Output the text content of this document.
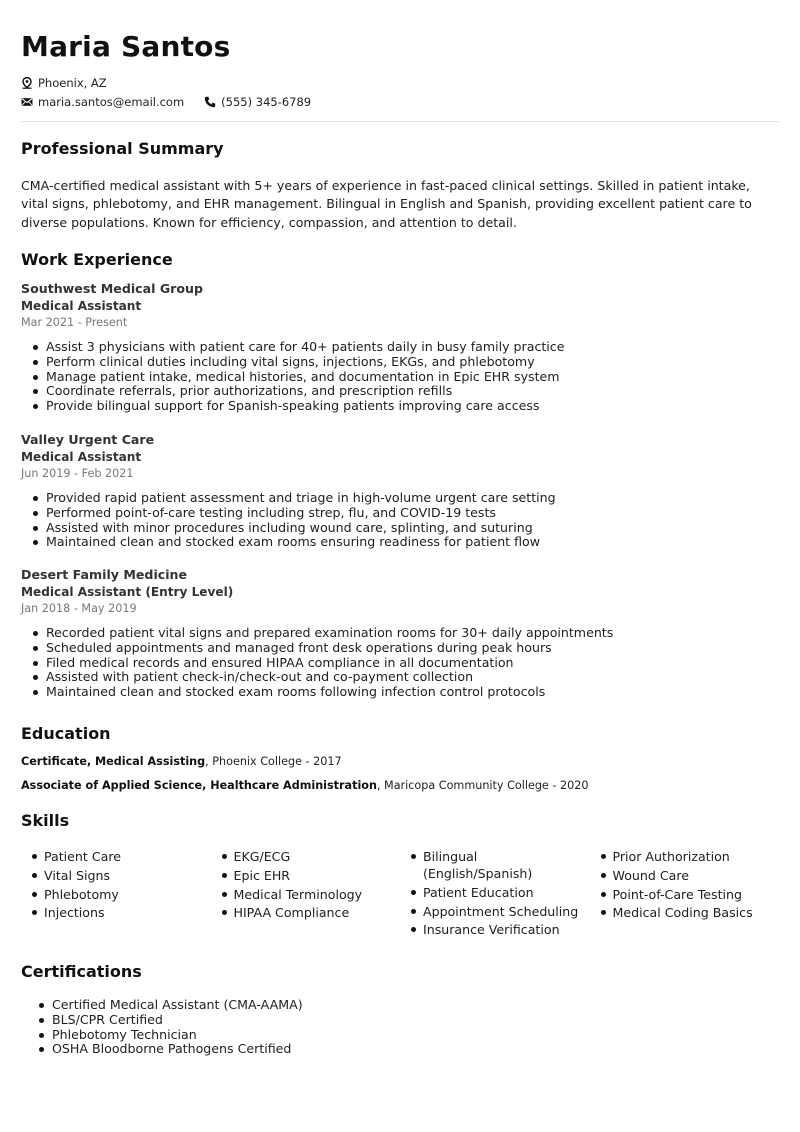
Maria Santos
Phoenix, AZ
maria.santos@email.com	(555) 345-6789
Professional Summary
CMA-certified medical assistant with 5+ years of experience in fast-paced clinical settings. Skilled in patient intake, vital signs, phlebotomy, and EHR management. Bilingual in English and Spanish, providing excellent patient care to diverse populations. Known for efficiency, compassion, and attention to detail.
Work Experience
Southwest Medical Group
Medical Assistant
Mar 2021 - Present
Assist 3 physicians with patient care for 40+ patients daily in busy family practice
Perform clinical duties including vital signs, injections, EKGs, and phlebotomy
Manage patient intake, medical histories, and documentation in Epic EHR system
Coordinate referrals, prior authorizations, and prescription refills
Provide bilingual support for Spanish-speaking patients improving care access
Valley Urgent Care
Medical Assistant
Jun 2019 - Feb 2021
Provided rapid patient assessment and triage in high-volume urgent care setting
Performed point-of-care testing including strep, flu, and COVID-19 tests
Assisted with minor procedures including wound care, splinting, and suturing
Maintained clean and stocked exam rooms ensuring readiness for patient flow
Desert Family Medicine
Medical Assistant (Entry Level)
Jan 2018 - May 2019
Recorded patient vital signs and prepared examination rooms for 30+ daily appointments
Scheduled appointments and managed front desk operations during peak hours
Filed medical records and ensured HIPAA compliance in all documentation
Assisted with patient check-in/check-out and co-payment collection
Maintained clean and stocked exam rooms following infection control protocols
Education
Certificate, Medical Assisting, Phoenix College - 2017
Associate of Applied Science, Healthcare Administration, Maricopa Community College - 2020
Skills
Patient Care
Vital Signs
Phlebotomy
Injections
EKG/ECG
Epic EHR
Medical Terminology
HIPAA Compliance
Bilingual (English/Spanish)
Patient Education
Appointment Scheduling
Insurance Verification
Prior Authorization
Wound Care
Point-of-Care Testing
Medical Coding Basics
Certifications
Certified Medical Assistant (CMA-AAMA)
BLS/CPR Certified
Phlebotomy Technician
OSHA Bloodborne Pathogens Certified
